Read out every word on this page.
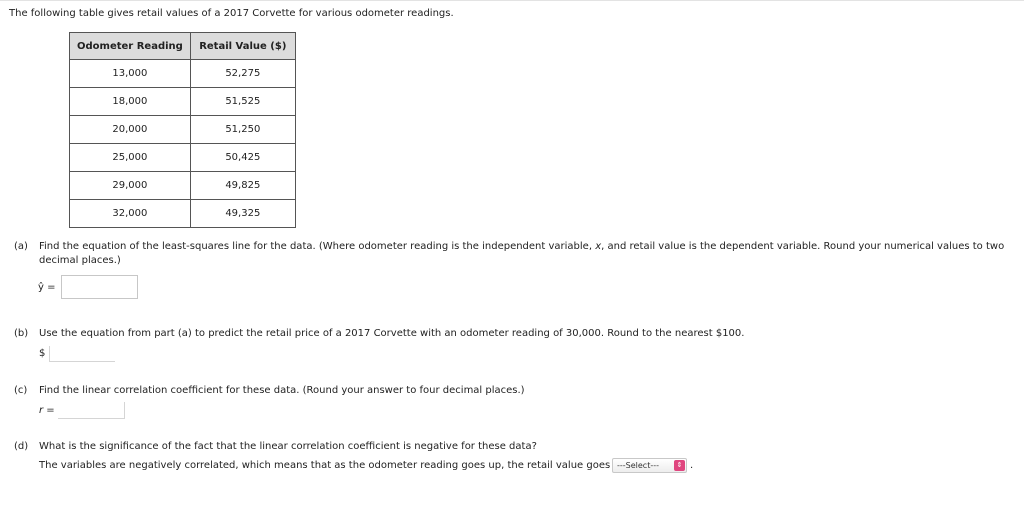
The following table gives retail values of a 2017 Corvette for various odometer readings.
Odometer Reading	Retail Value ($)
13,000	52,275
18,000	51,525
20,000	51,250
25,000	50,425
29,000	49,825
32,000	49,325
(a) Find the equation of the least-squares line for the data. (Where odometer reading is the independent variable, x, and retail value is the dependent variable. Round your numerical values to two
decimal places.)
ŷ =
(b) Use the equation from part (a) to predict the retail price of a 2017 Corvette with an odometer reading of 30,000. Round to the nearest $100.
$
(c) Find the linear correlation coefficient for these data. (Round your answer to four decimal places.)
r =
(d) What is the significance of the fact that the linear correlation coefficient is negative for these data?
The variables are negatively correlated, which means that as the odometer reading goes up, the retail value goes ---Select---	⇕ .
